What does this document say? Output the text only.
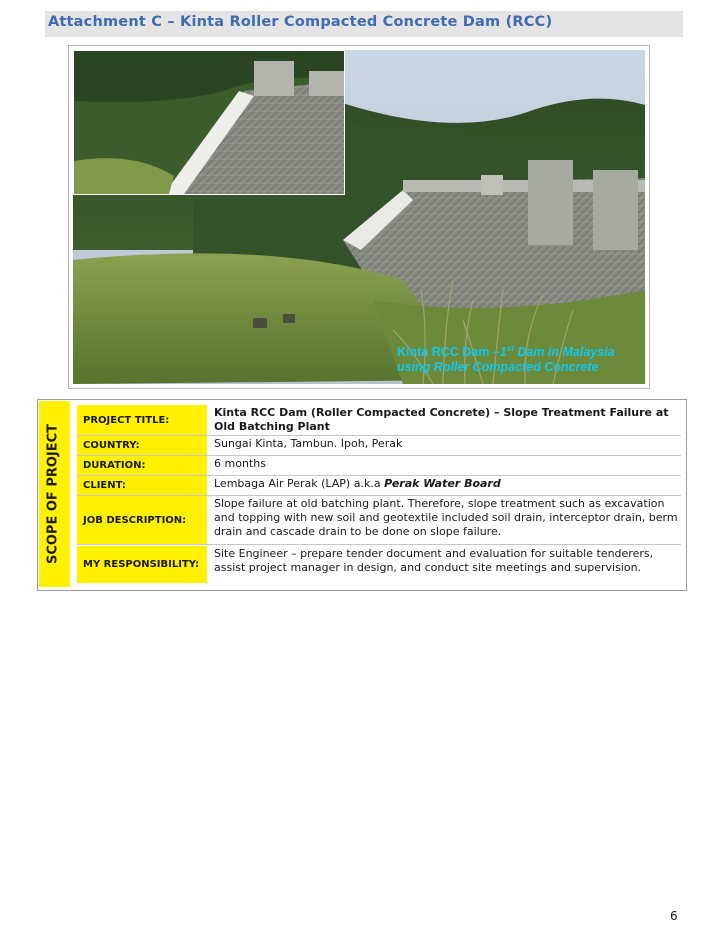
Attachment C – Kinta Roller Compacted Concrete Dam (RCC)
Kinta RCC Dam –1st Dam in Malaysia
using Roller Compacted Concrete
SCOPE OF PROJECT
PROJECT TITLE:
Kinta RCC Dam (Roller Compacted Concrete) – Slope Treatment Failure at Old Batching Plant
COUNTRY:	Sungai Kinta, Tambun. Ipoh, Perak
DURATION:	6 months
CLIENT:	Lembaga Air Perak (LAP) a.k.a Perak Water Board
JOB DESCRIPTION:
Slope failure at old batching plant. Therefore, slope treatment such as excavation and topping with new soil and geotextile included soil drain, interceptor drain, berm drain and cascade drain to be done on slope failure.
MY RESPONSIBILITY:
Site Engineer – prepare tender document and evaluation for suitable tenderers, assist project manager in design, and conduct site meetings and supervision.
6
